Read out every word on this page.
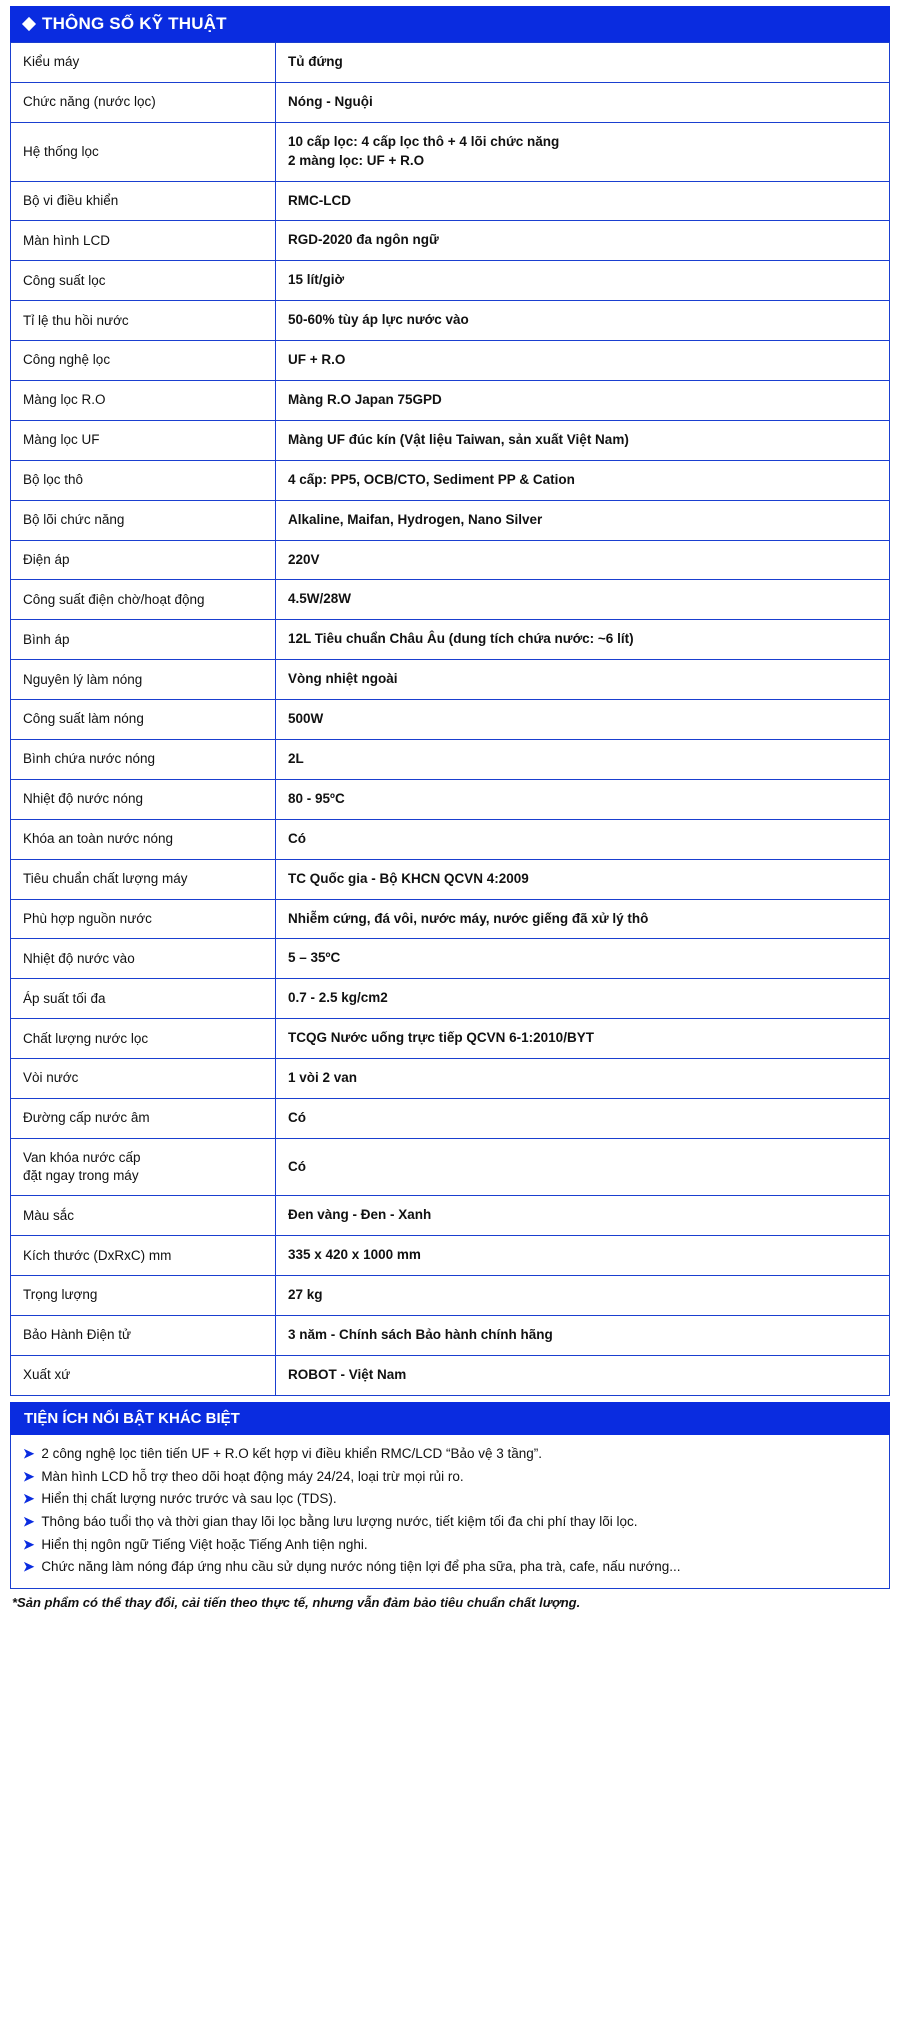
THÔNG SỐ KỸ THUẬT
Kiểu máy	Tủ đứng
Chức năng (nước lọc)	Nóng - Nguội
Hệ thống lọc	10 cấp lọc: 4 cấp lọc thô + 4 lõi chức năng
2 màng lọc: UF + R.O

Bộ vi điều khiển	RMC-LCD
Màn hình LCD	RGD-2020 đa ngôn ngữ
Công suất lọc	15 lít/giờ
Tỉ lệ thu hồi nước	50-60% tùy áp lực nước vào
Công nghệ lọc	UF + R.O
Màng lọc R.O	Màng R.O Japan 75GPD
Màng lọc UF	Màng UF đúc kín (Vật liệu Taiwan, sản xuất Việt Nam)
Bộ lọc thô	4 cấp: PP5, OCB/CTO, Sediment PP & Cation
Bộ lõi chức năng	Alkaline, Maifan, Hydrogen, Nano Silver
Điện áp	220V
Công suất điện chờ/hoạt động	4.5W/28W
Bình áp	12L Tiêu chuẩn Châu Âu (dung tích chứa nước: ~6 lít)
Nguyên lý làm nóng	Vòng nhiệt ngoài
Công suất làm nóng	500W
Bình chứa nước nóng	2L
Nhiệt độ nước nóng	80 - 95ºC
Khóa an toàn nước nóng	Có
Tiêu chuẩn chất lượng máy	TC Quốc gia - Bộ KHCN QCVN 4:2009
Phù hợp nguồn nước	Nhiễm cứng, đá vôi, nước máy, nước giếng đã xử lý thô
Nhiệt độ nước vào	5 – 35ºC
Áp suất tối đa	0.7 - 2.5 kg/cm2
Chất lượng nước lọc	TCQG Nước uống trực tiếp QCVN 6-1:2010/BYT
Vòi nước	1 vòi 2 van
Đường cấp nước âm	Có
Van khóa nước cấp
đặt ngay trong máy	Có
Màu sắc	Đen vàng - Đen - Xanh
Kích thước (DxRxC) mm	335 x 420 x 1000 mm
Trọng lượng	27 kg
Bảo Hành Điện tử	3 năm - Chính sách Bảo hành chính hãng
Xuất xứ	ROBOT - Việt Nam
TIỆN ÍCH NỔI BẬT KHÁC BIỆT
➤ 2 công nghệ lọc tiên tiến UF + R.O kết hợp vi điều khiển RMC/LCD “Bảo vệ 3 tầng”.
➤ Màn hình LCD hỗ trợ theo dõi hoạt động máy 24/24, loại trừ mọi rủi ro.
➤ Hiển thị chất lượng nước trước và sau lọc (TDS).
➤ Thông báo tuổi thọ và thời gian thay lõi lọc bằng lưu lượng nước, tiết kiệm tối đa chi phí thay lõi lọc.
➤ Hiển thị ngôn ngữ Tiếng Việt hoặc Tiếng Anh tiện nghi.
➤ Chức năng làm nóng đáp ứng nhu cầu sử dụng nước nóng tiện lợi để pha sữa, pha trà, cafe, nấu nướng...
*Sản phẩm có thể thay đổi, cải tiến theo thực tế, nhưng vẫn đảm bảo tiêu chuẩn chất lượng.
